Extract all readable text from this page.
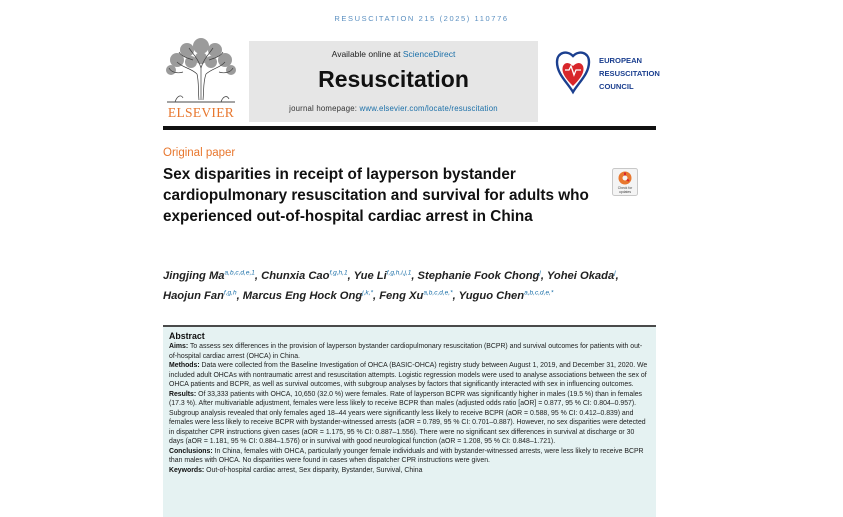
RESUSCITATION 215 (2025) 110776
ELSEVIER
Available online at ScienceDirect
Resuscitation
journal homepage: www.elsevier.com/locate/resuscitation
EUROPEAN
RESUSCITATION
COUNCIL
Original paper
Sex disparities in receipt of layperson bystander cardiopulmonary resuscitation and survival for adults who experienced out-of-hospital cardiac arrest in China
Check for
updates
Jingjing Ma$^{a,b,c,d,e,1}$, Chunxia Cao$^{f,g,h,1}$, Yue Li$^{f,g,h,i,j,1}$, Stephanie Fook Chong$^j$, Yohei Okada$^j$, Haojun Fan$^{f,g,h}$, Marcus Eng Hock Ong$^{j,k,*}$, Feng $Xu^{a,b,c,d,e,*}$, Yuguo Chen$^{a,b,c,d,e,*}$
Abstract

Aims: To assess sex differences in the provision of layperson bystander cardiopulmonary resuscitation (BCPR) and survival outcomes for patients with out-of-hospital cardiac arrest (OHCA) in China.

Methods: Data were collected from the Baseline Investigation of OHCA (BASIC-OHCA) registry study between August 1, 2019, and December 31, 2020. We included adult OHCAs with nontraumatic arrest and resuscitation attempts. Logistic regression models were used to analyse associations between the sex of OHCA patients and BCPR, as well as survival outcomes, with subgroup analyses by factors that significantly interacted with sex in influencing outcomes.

Results: Of 33,333 patients with OHCA, 10,650 (32.0 %) were females. Rate of layperson BCPR was significantly higher in males (19.5 %) than in females (17.3 %). After multivariable adjustment, females were less likely to receive BCPR than males (adjusted odds ratio [aOR] = 0.877, 95 % CI: 0.804–0.957). Subgroup analysis revealed that only females aged 18–44 years were significantly less likely to receive BCPR (aOR = 0.588, 95 % CI: 0.412–0.839) and females were less likely to receive BCPR with bystander-witnessed arrests (aOR = 0.789, 95 % CI: 0.701–0.887). However, no sex disparities were detected in dispatcher CPR instructions given cases (aOR = 1.175, 95 % CI: 0.887–1.556). There were no significant sex differences in survival at discharge or 30 days (aOR = 1.181, 95 % CI: 0.884–1.576) or in survival with good neurological function (aOR = 1.208, 95 % CI: 0.848–1.721).

Conclusions: In China, females with OHCA, particularly younger female individuals and with bystander-witnessed arrests, were less likely to receive BCPR than males with OHCA. No disparities were found in cases when dispatcher CPR instructions were given.

Keywords: Out-of-hospital cardiac arrest, Sex disparity, Bystander, Survival, China
